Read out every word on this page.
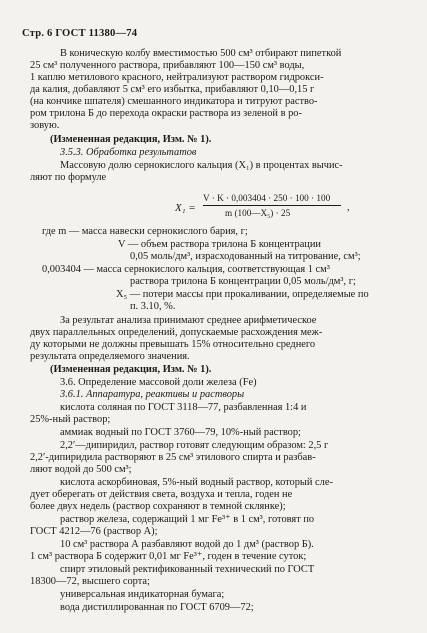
Стр. 6 ГОСТ 11380—74
В коническую колбу вместимостью 500 см³ отбирают пипеткой
25 см³ полученного раствора, прибавляют 100—150 см³ воды,
1 каплю метилового красного, нейтрализуют раствором гидрокси-
да калия, добавляют 5 см³ его избытка, прибавляют 0,10—0,15 г
(на кончике шпателя) смешанного индикатора и титруют раство-
ром трилона Б до перехода окраски раствора из зеленой в ро-
зовую.
(Измененная редакция, Изм. № 1).
3.5.3. Обработка результатов
Массовую долю сернокислого кальция (X₁) в процентах вычис-
ляют по формуле
где m — масса навески сернокислого бария, г;
V — объем раствора трилона Б концентрации
0,05 моль/дм³, израсходованный на титрование, см³;
0,003404 — масса сернокислого кальция, соответствующая 1 см³
раствора трилона Б концентрации 0,05 моль/дм³, г;
X₅ — потери массы при прокаливании, определяемые по
п. 3.10, %.
За результат анализа принимают среднее арифметическое
двух параллельных определений, допускаемые расхождения меж-
ду которыми не должны превышать 15% относительно среднего
результата определяемого значения.
(Измененная редакция, Изм. № 1).
3.6. Определение массовой доли железа (Fe)
3.6.1. Аппаратура, реактивы и растворы
кислота соляная по ГОСТ 3118—77, разбавленная 1:4 и
25%-ный раствор;
аммиак водный по ГОСТ 3760—79, 10%-ный раствор;
2,2′—дипиридил, раствор готовят следующим образом: 2,5 г
2,2′-дипиридила растворяют в 25 см³ этилового спирта и разбав-
ляют водой до 500 см³;
кислота аскорбиновая, 5%-ный водный раствор, который сле-
дует оберегать от действия света, воздуха и тепла, годен не
более двух недель (раствор сохраняют в темной склянке);
раствор железа, содержащий 1 мг Fe³⁺ в 1 см³, готовят по
ГОСТ 4212—76 (раствор А);
10 см³ раствора А разбавляют водой до 1 дм³ (раствор Б).
1 см³ раствора Б содержит 0,01 мг Fe³⁺, годен в течение суток;
спирт этиловый ректификованный технический по ГОСТ
18300—72, высшего сорта;
универсальная индикаторная бумага;
вода дистиллированная по ГОСТ 6709—72;
X₁ =
V · K · 0,003404 · 250 · 100 · 100
m (100—X₅) · 25	,
